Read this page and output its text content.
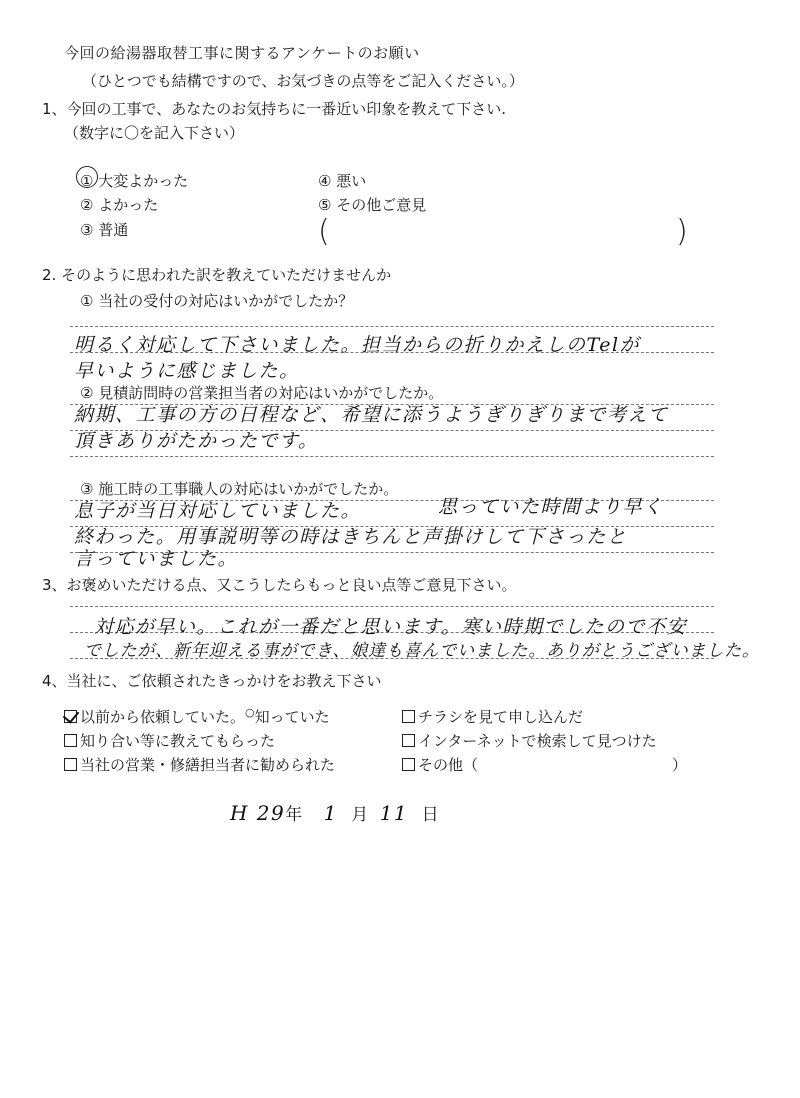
今回の給湯器取替工事に関するアンケートのお願い
（ひとつでも結構ですので、お気づきの点等をご記入ください。）
1、今回の工事で、あなたのお気持ちに一番近い印象を教えて下さい.
（数字に〇を記入下さい）
① 大変よかった
② よかった
③ 普通
④ 悪い
⑤ その他ご意見
(	)
2. そのように思われた訳を教えていただけませんか
① 当社の受付の対応はいかがでしたか？
明るく対応して下さいました。担当からの折りかえしのTelが
早いように感じました。
② 見積訪問時の営業担当者の対応はいかがでしたか。
納期、工事の方の日程など、希望に添うようぎりぎりまで考えて
頂きありがたかったです。
③ 施工時の工事職人の対応はいかがでしたか。
息子が当日対応していました。	思っていた時間より早く
終わった。用事説明等の時はきちんと声掛けして下さったと
言っていました。
3、お褒めいただける点、又こうしたらもっと良い点等ご意見下さい。
対応が早い。これが一番だと思います。寒い時期でしたので不安
でしたが、新年迎える事ができ、娘達も喜んでいました。ありがとうございました。
4、当社に、ご依頼されたきっかけをお教え下さい
以前から依頼していた。○知っていた
知り合い等に教えてもらった
当社の営業・修繕担当者に勧められた
チラシを見て申し込んだ
インターネットで検索して見つけた
その他（	）
H 29年 1 月 11 日
